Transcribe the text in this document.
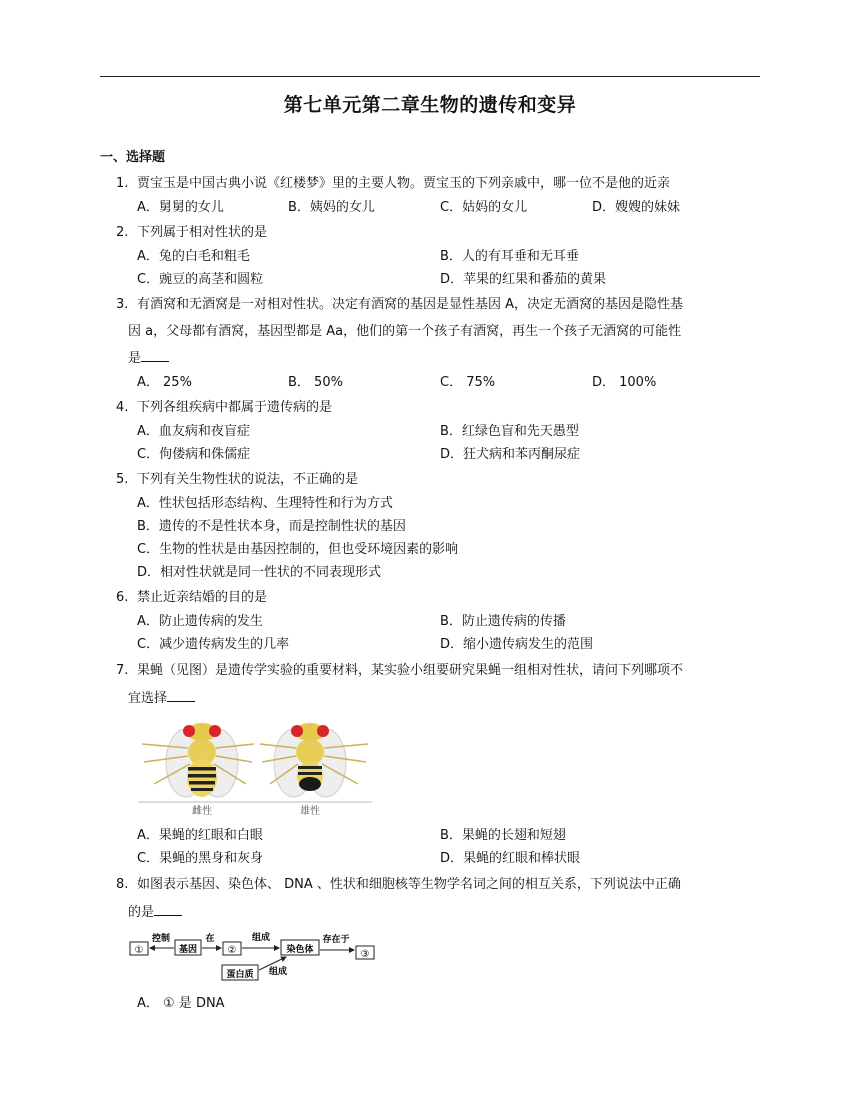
第七单元第二章生物的遗传和变异
一、选择题
1. 贾宝玉是中国古典小说《红楼梦》里的主要人物。贾宝玉的下列亲戚中，哪一位不是他的近亲
A．舅舅的女儿	B．姨妈的女儿	C．姑妈的女儿	D．嫂嫂的妹妹
2. 下列属于相对性状的是
A．兔的白毛和粗毛	B．人的有耳垂和无耳垂
C．豌豆的高茎和圆粒	D．苹果的红果和番茄的黄果
3. 有酒窝和无酒窝是一对相对性状。决定有酒窝的基因是显性基因 A，决定无酒窝的基因是隐性基
因 a，父母都有酒窝，基因型都是 Aa，他们的第一个孩子有酒窝，再生一个孩子无酒窝的可能性
是
A． 25%	B． 50%	C． 75%	D． 100%
4. 下列各组疾病中都属于遗传病的是
A．血友病和夜盲症	B．红绿色盲和先天愚型
C．佝偻病和侏儒症	D．狂犬病和苯丙酮尿症
5. 下列有关生物性状的说法，不正确的是
A．性状包括形态结构、生理特性和行为方式
B．遗传的不是性状本身，而是控制性状的基因
C．生物的性状是由基因控制的，但也受环境因素的影响
D．相对性状就是同一性状的不同表现形式
6. 禁止近亲结婚的目的是
A．防止遗传病的发生	B．防止遗传病的传播
C．减少遗传病发生的几率	D．缩小遗传病发生的范围
7. 果蝇（见图）是遗传学实验的重要材料，某实验小组要研究果蝇一组相对性状，请问下列哪项不
宜选择
雌性	雄性
A．果蝇的红眼和白眼	B．果蝇的长翅和短翅
C．果蝇的黑身和灰身	D．果蝇的红眼和棒状眼
8. 如图表示基因、染色体、 DNA 、性状和细胞核等生物学名词之间的相互关系，下列说法中正确
的是
①
控制
基因
在
②
组成
染色体
存在于
③
蛋白质 组成
A． ① 是 DNA
